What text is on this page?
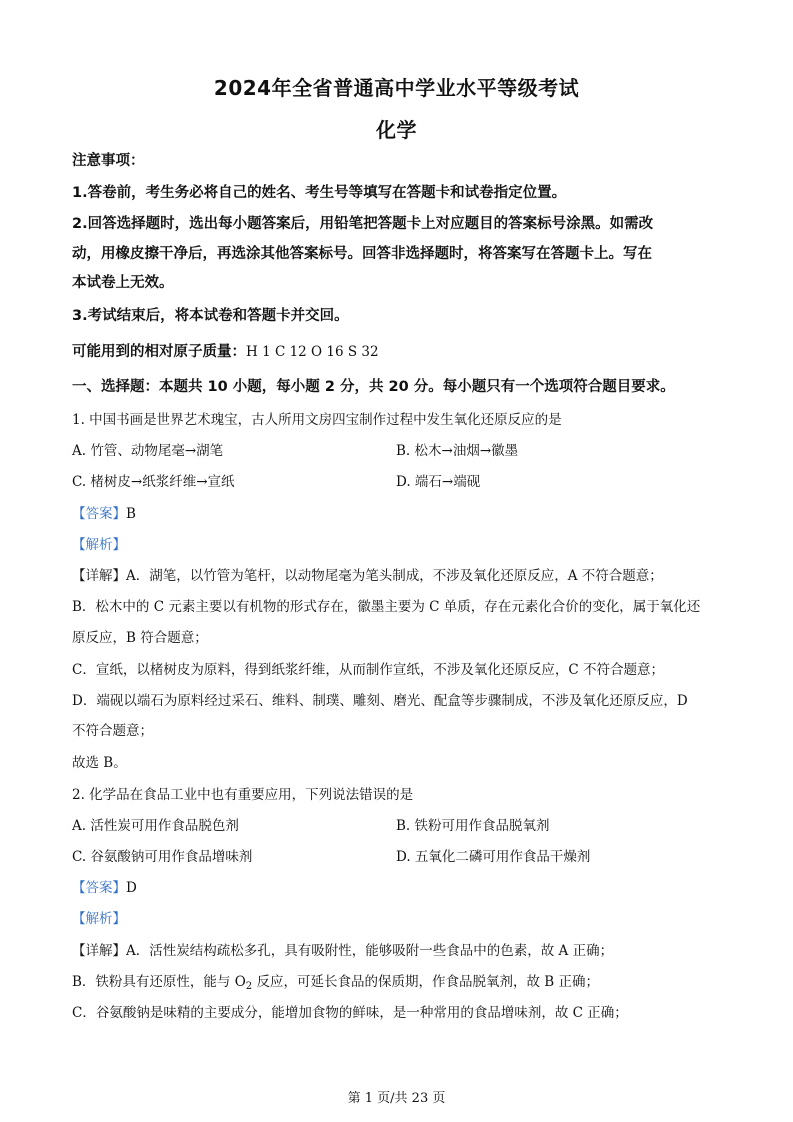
2024年全省普通高中学业水平等级考试
化学
注意事项：
1.答卷前，考生务必将自己的姓名、考生号等填写在答题卡和试卷指定位置。
2.回答选择题时，选出每小题答案后，用铅笔把答题卡上对应题目的答案标号涂黑。如需改
动，用橡皮擦干净后，再选涂其他答案标号。回答非选择题时，将答案写在答题卡上。写在
本试卷上无效。
3.考试结束后，将本试卷和答题卡并交回。
可能用到的相对原子质量：H 1 C 12 O 16 S 32
一、选择题：本题共 10 小题，每小题 2 分，共 20 分。每小题只有一个选项符合题目要求。
1. 中国书画是世界艺术瑰宝，古人所用文房四宝制作过程中发生氧化还原反应的是
A. 竹管、动物尾毫→湖笔	B. 松木→油烟→徽墨
C. 楮树皮→纸浆纤维→宣纸	D. 端石→端砚
【答案】B
【解析】
【详解】A．湖笔，以竹管为笔杆，以动物尾毫为笔头制成，不涉及氧化还原反应，A 不符合题意；
B．松木中的 C 元素主要以有机物的形式存在，徽墨主要为 C 单质，存在元素化合价的变化，属于氧化还
原反应，B 符合题意；
C．宣纸，以楮树皮为原料，得到纸浆纤维，从而制作宣纸，不涉及氧化还原反应，C 不符合题意；
D．端砚以端石为原料经过采石、维料、制璞、雕刻、磨光、配盒等步骤制成，不涉及氧化还原反应，D
不符合题意；
故选 B。
2. 化学品在食品工业中也有重要应用，下列说法错误的是
A. 活性炭可用作食品脱色剂	B. 铁粉可用作食品脱氧剂
C. 谷氨酸钠可用作食品增味剂	D. 五氧化二磷可用作食品干燥剂
【答案】D
【解析】
【详解】A．活性炭结构疏松多孔，具有吸附性，能够吸附一些食品中的色素，故 A 正确；
B．铁粉具有还原性，能与 $O_2$ 反应，可延长食品的保质期，作食品脱氧剂，故 B 正确；
C．谷氨酸钠是味精的主要成分，能增加食物的鲜味，是一种常用的食品增味剂，故 C 正确；
第 1 页/共 23 页
